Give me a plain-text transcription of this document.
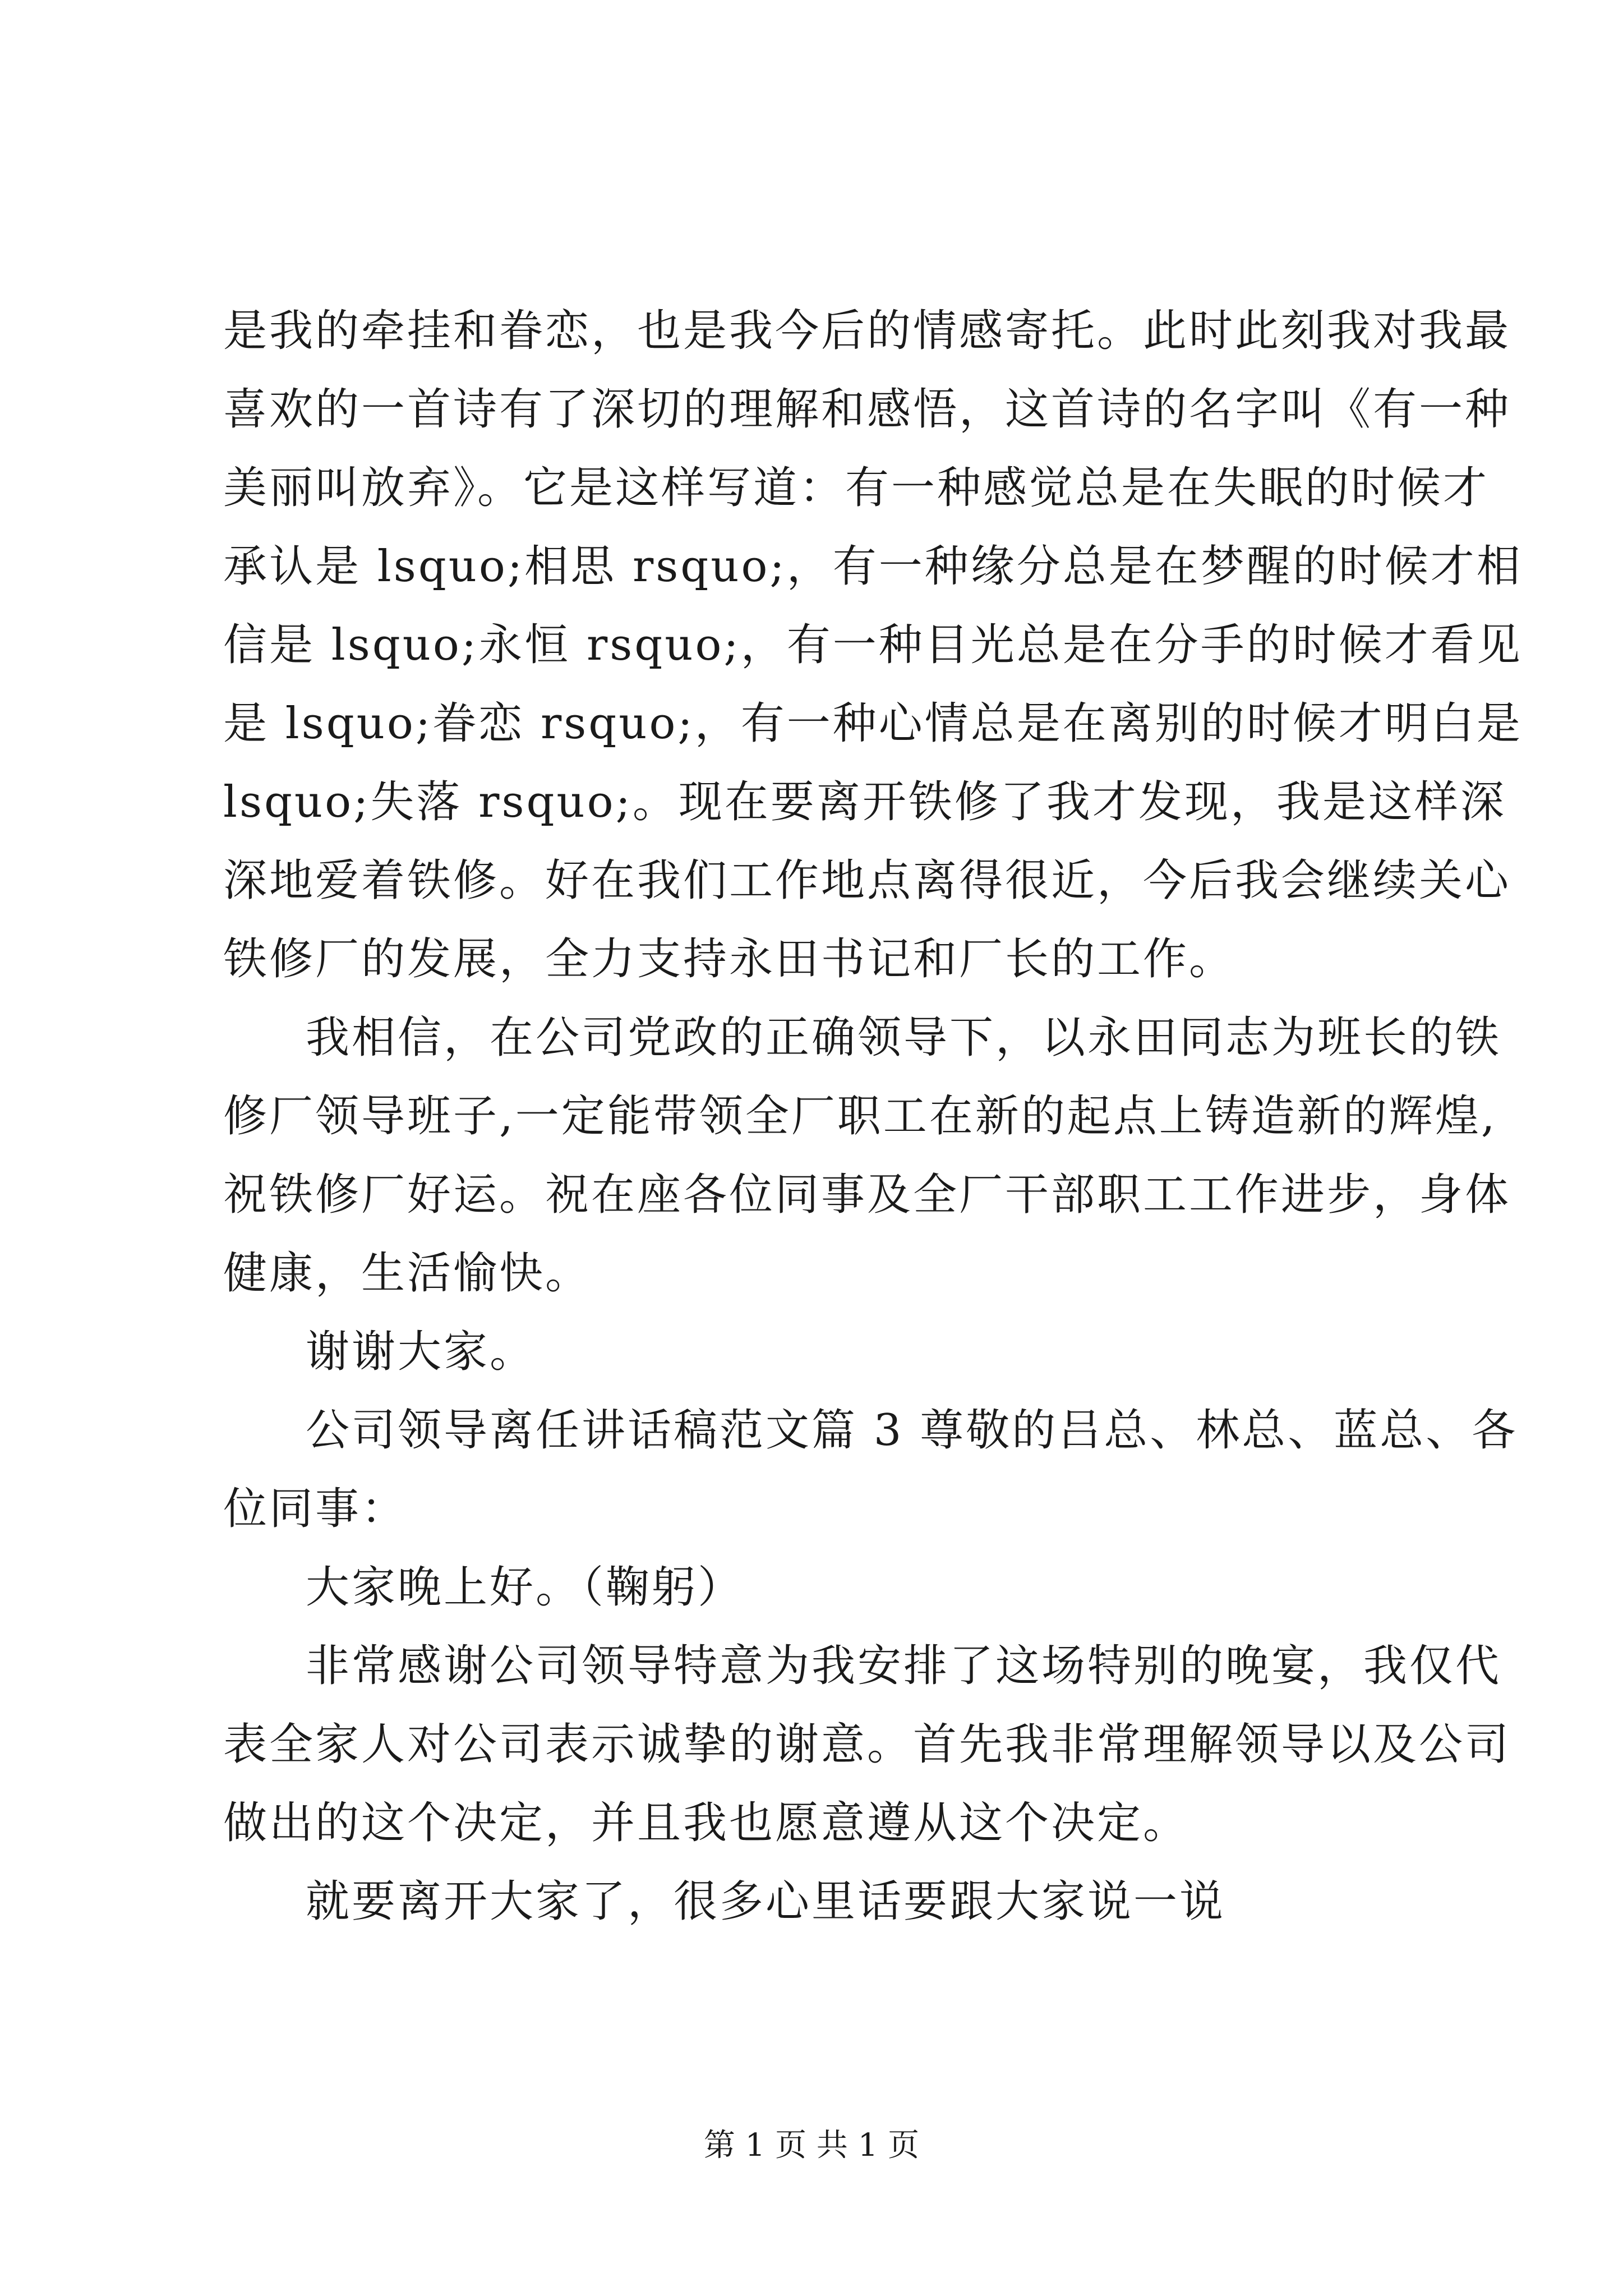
是我的牵挂和眷恋，也是我今后的情感寄托。此时此刻我对我最
喜欢的一首诗有了深切的理解和感悟，这首诗的名字叫《有一种
美丽叫放弃》。它是这样写道：有一种感觉总是在失眠的时候才
承认是 lsquo;相思 rsquo;，有一种缘分总是在梦醒的时候才相
信是 lsquo;永恒 rsquo;，有一种目光总是在分手的时候才看见
是 lsquo;眷恋 rsquo;，有一种心情总是在离别的时候才明白是
lsquo;失落 rsquo;。现在要离开铁修了我才发现，我是这样深
深地爱着铁修。好在我们工作地点离得很近，今后我会继续关心
铁修厂的发展，全力支持永田书记和厂长的工作。
我相信，在公司党政的正确领导下，以永田同志为班长的铁
修厂领导班子,一定能带领全厂职工在新的起点上铸造新的辉煌,
祝铁修厂好运。祝在座各位同事及全厂干部职工工作进步，身体
健康，生活愉快。
谢谢大家。
公司领导离任讲话稿范文篇 3 尊敬的吕总、林总、蓝总、各
位同事：
大家晚上好。（鞠躬）
非常感谢公司领导特意为我安排了这场特别的晚宴，我仅代
表全家人对公司表示诚挚的谢意。首先我非常理解领导以及公司
做出的这个决定，并且我也愿意遵从这个决定。
就要离开大家了，很多心里话要跟大家说一说
第 1 页 共 1 页
